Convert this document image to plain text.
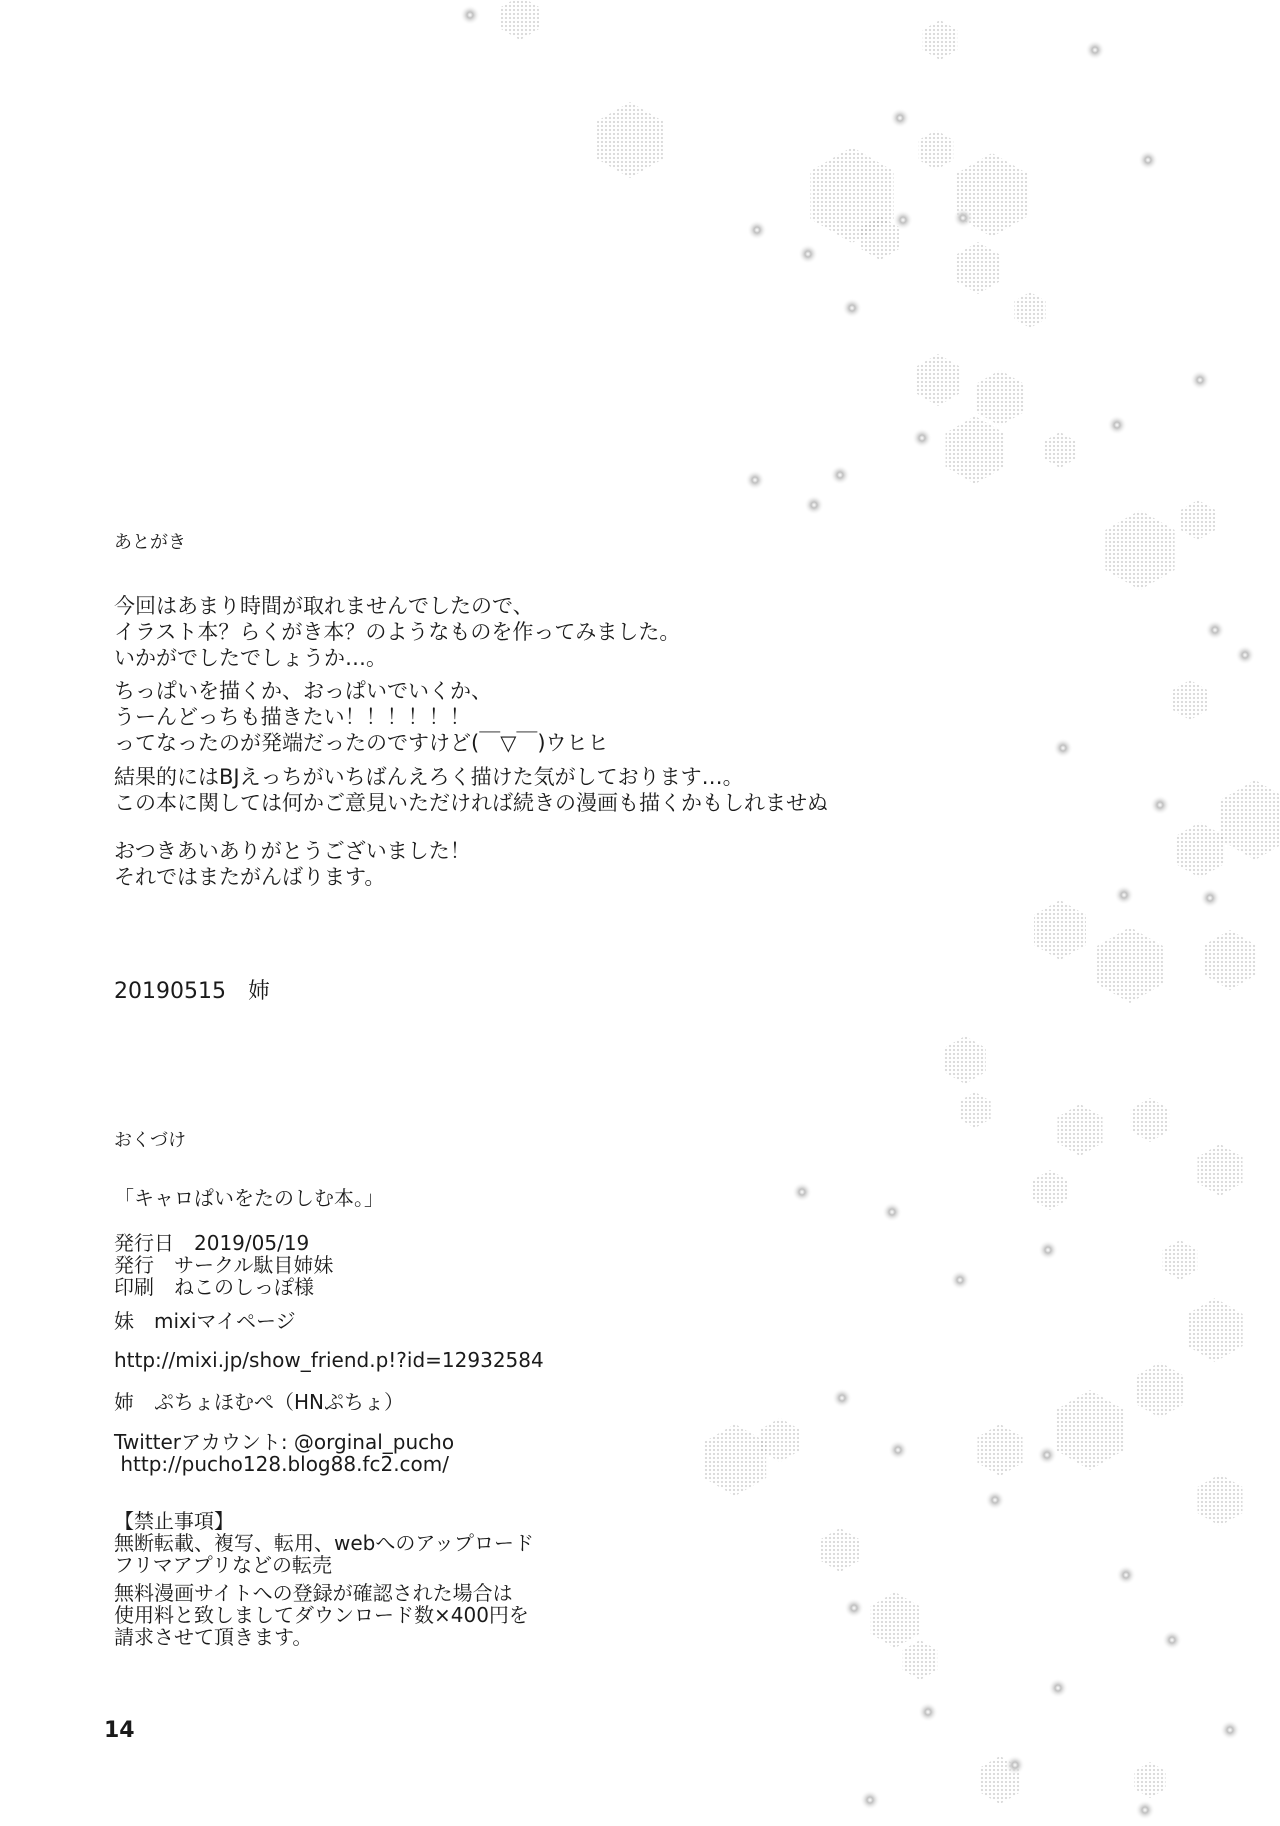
あとがき
今回はあまり時間が取れませんでしたので、
イラスト本？らくがき本？のようなものを作ってみました。
いかがでしたでしょうか…。
ちっぱいを描くか、おっぱいでいくか、
うーんどっちも描きたい！！！！！！
ってなったのが発端だったのですけど(￣▽￣)ウヒヒ
結果的にはBJえっちがいちばんえろく描けた気がしております…。
この本に関しては何かご意見いただければ続きの漫画も描くかもしれませぬ
おつきあいありがとうございました！
それではまたがんばります。
20190515　姉
おくづけ
「キャロぱいをたのしむ本。」
発行日　2019/05/19
発行　サークル駄目姉妹
印刷　ねこのしっぽ様
妹　mixiマイページ
http://mixi.jp/show_friend.p!?id=12932584
姉　ぷちょほむぺ（HNぷちょ）
Twitterアカウント: @orginal_pucho
http://pucho128.blog88.fc2.com/
【禁止事項】
無断転載、複写、転用、webへのアップロード
フリマアプリなどの転売
無料漫画サイトへの登録が確認された場合は
使用料と致しましてダウンロード数×400円を
請求させて頂きます。
14
